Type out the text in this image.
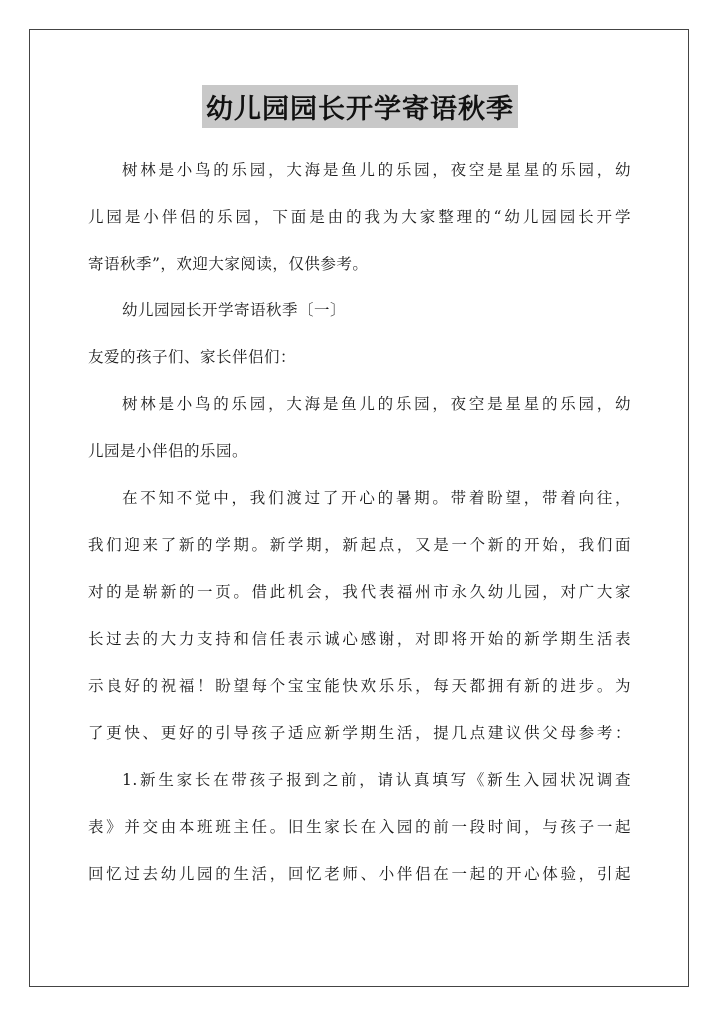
幼儿园园长开学寄语秋季
树林是小鸟的乐园，大海是鱼儿的乐园，夜空是星星的乐园，幼
儿园是小伴侣的乐园，下面是由的我为大家整理的“幼儿园园长开学
寄语秋季”，欢迎大家阅读，仅供参考。
幼儿园园长开学寄语秋季〔一〕
友爱的孩子们、家长伴侣们：
树林是小鸟的乐园，大海是鱼儿的乐园，夜空是星星的乐园，幼
儿园是小伴侣的乐园。
在不知不觉中，我们渡过了开心的暑期。带着盼望，带着向往，
我们迎来了新的学期。新学期，新起点，又是一个新的开始，我们面
对的是崭新的一页。借此机会，我代表福州市永久幼儿园，对广大家
长过去的大力支持和信任表示诚心感谢，对即将开始的新学期生活表
示良好的祝福！盼望每个宝宝能快欢乐乐，每天都拥有新的进步。为
了更快、更好的引导孩子适应新学期生活，提几点建议供父母参考：
1.新生家长在带孩子报到之前，请认真填写《新生入园状况调查
表》并交由本班班主任。旧生家长在入园的前一段时间，与孩子一起
回忆过去幼儿园的生活，回忆老师、小伴侣在一起的开心体验，引起
